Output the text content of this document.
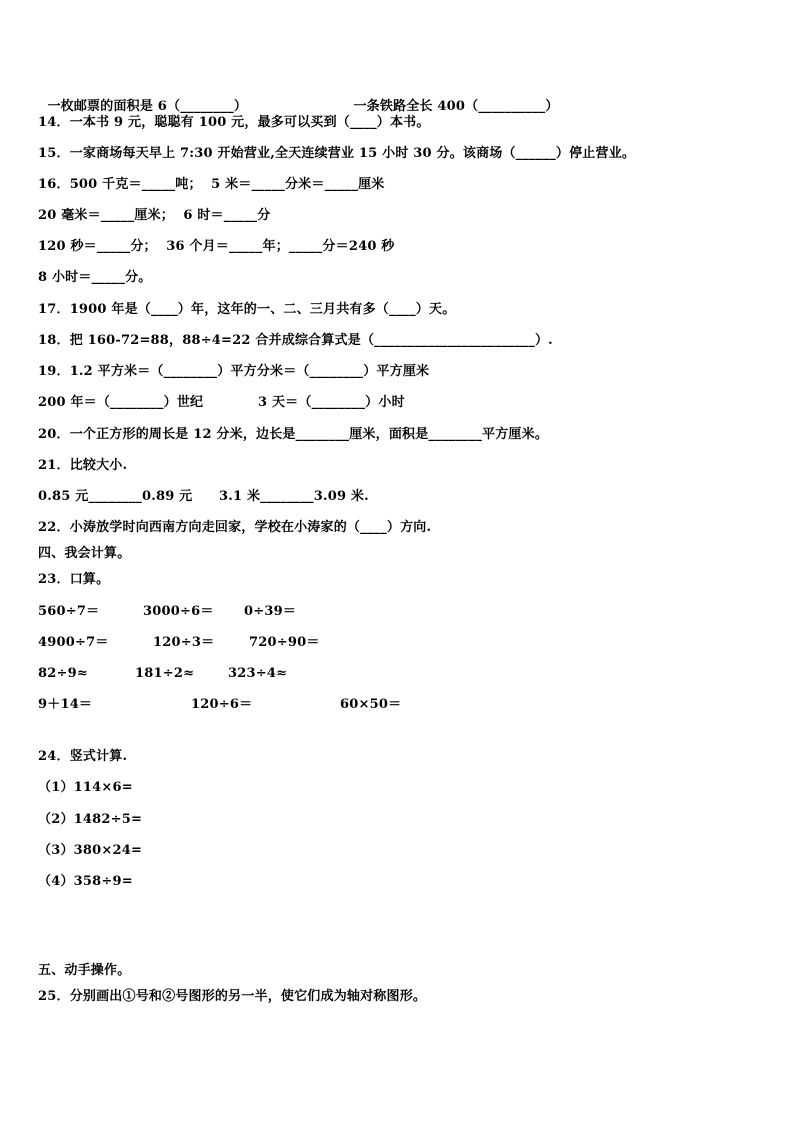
一枚邮票的面积是 6（________）	一条铁路全长 400（__________）

14．一本书 9 元，聪聪有 100 元，最多可以买到（____）本书。
15．一家商场每天早上 7:30 开始营业,全天连续营业 15 小时 30 分。该商场（______）停止营业。
16．500 千克＝_____吨；  5 米＝_____分米＝_____厘米
20 毫米＝_____厘米；  6 时＝_____分
120 秒＝_____分；  36 个月＝_____年；_____分＝240 秒
8 小时＝_____分。
17．1900 年是（____）年，这年的一、二、三月共有多（____）天。
18．把 160-72=88，88÷4=22 合并成综合算式是（________________________）.
19．1.2 平方米＝（________）平方分米＝（________）平方厘米
200 年＝（________）世纪	3 天＝（________）小时
20．一个正方形的周长是 12 分米，边长是________厘米，面积是________平方厘米。
21．比较大小.
0.85 元________0.89 元 3.1 米________3.09 米.
22．小涛放学时向西南方向走回家，学校在小涛家的（____）方向.
四、我会计算。
23．口算。
560÷7＝	3000÷6＝ 0÷39＝
4900÷7＝	120÷3＝	720÷90＝
82÷9≈	181÷2≈	323÷4≈
9＋14＝	120÷6＝	60×50＝
24．竖式计算.
（1）114×6=
（2）1482÷5=
（3）380×24=
（4）358÷9=
五、动手操作。
25．分别画出①号和②号图形的另一半，使它们成为轴对称图形。
